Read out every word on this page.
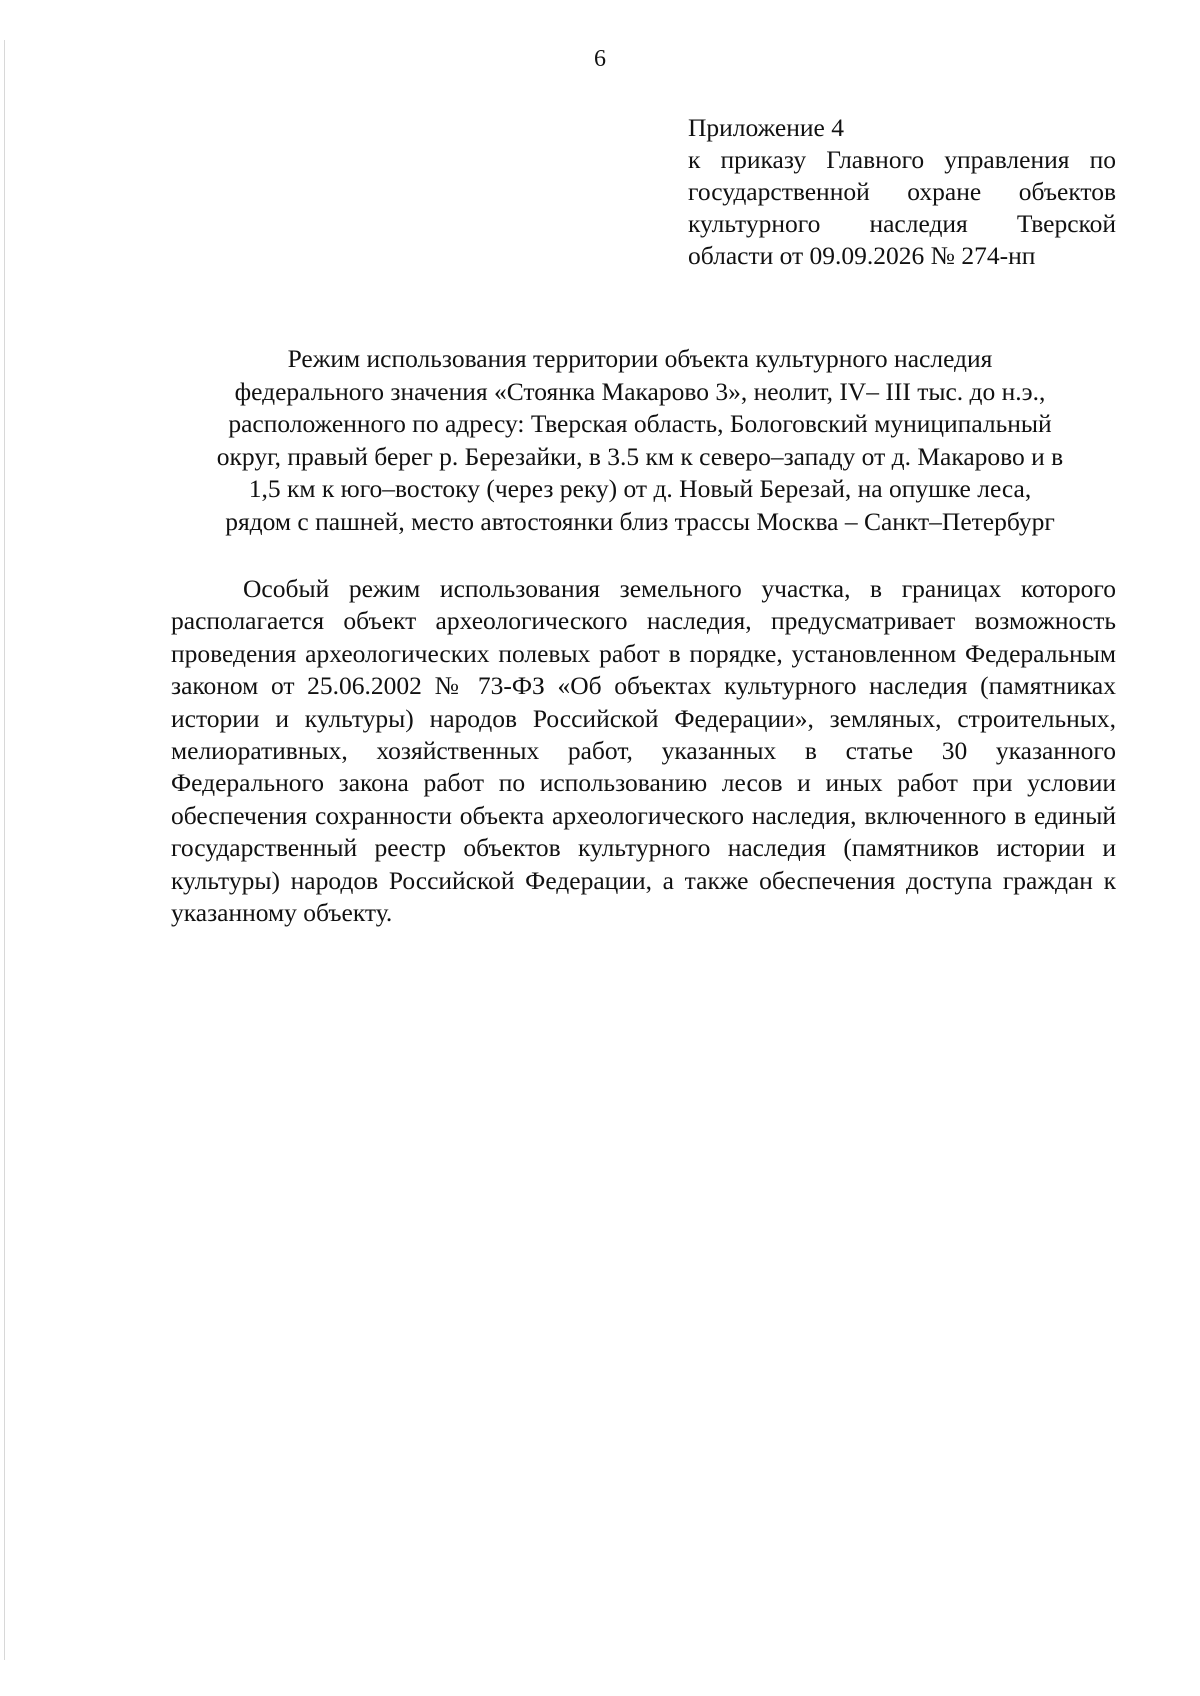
6
Приложение 4
к приказу Главного управления по государственной охране объектов культурного наследия Тверской области от 09.09.2026 № 274-нп
Режим использования территории объекта культурного наследия
федерального значения «Стоянка Макарово 3», неолит, IV– III тыс. до н.э.,
расположенного по адресу: Тверская область, Бологовский муниципальный
округ, правый берег р. Березайки, в 3.5 км к северо–западу от д. Макарово и в
1,5 км к юго–востоку (через реку) от д. Новый Березай, на опушке леса,
рядом с пашней, место автостоянки близ трассы Москва – Санкт–Петербург

Особый режим использования земельного участка, в границах которого располагается объект археологического наследия, предусматривает возможность проведения археологических полевых работ в порядке, установленном Федеральным законом от 25.06.2002 № 73-ФЗ «Об объектах культурного наследия (памятниках истории и культуры) народов Российской Федерации», земляных, строительных, мелиоративных, хозяйственных работ, указанных в статье 30 указанного Федерального закона работ по использованию лесов и иных работ при условии обеспечения сохранности объекта археологического наследия, включенного в единый государственный реестр объектов культурного наследия (памятников истории и культуры) народов Российской Федерации, а также обеспечения доступа граждан к указанному объекту.
